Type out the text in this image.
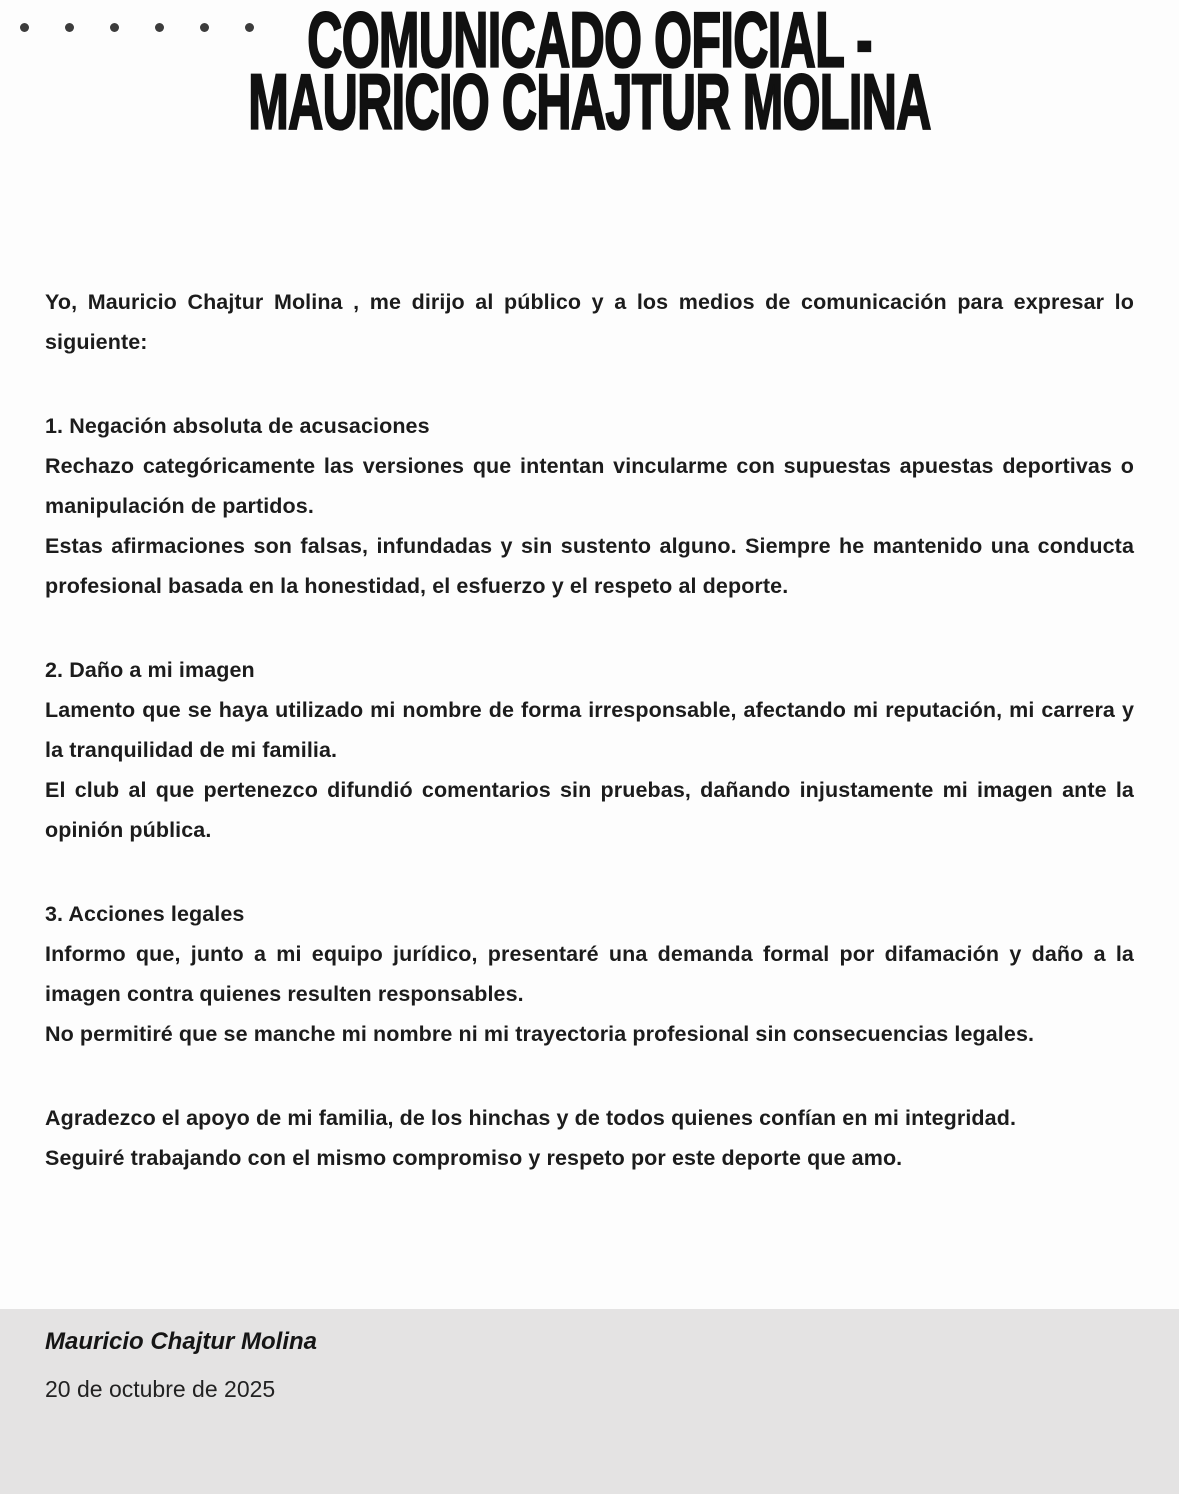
COMUNICADO OFICIAL -
MAURICIO CHAJTUR MOLINA

Yo, Mauricio Chajtur Molina , me dirijo al público y a los medios de comunicación para expresar lo siguiente:

1. Negación absoluta de acusaciones

Rechazo categóricamente las versiones que intentan vincularme con supuestas apuestas deportivas o manipulación de partidos.

Estas afirmaciones son falsas, infundadas y sin sustento alguno. Siempre he mantenido una conducta profesional basada en la honestidad, el esfuerzo y el respeto al deporte.

2. Daño a mi imagen

Lamento que se haya utilizado mi nombre de forma irresponsable, afectando mi reputación, mi carrera y la tranquilidad de mi familia.

El club al que pertenezco difundió comentarios sin pruebas, dañando injustamente mi imagen ante la opinión pública.

3. Acciones legales

Informo que, junto a mi equipo jurídico, presentaré una demanda formal por difamación y daño a la imagen contra quienes resulten responsables.

No permitiré que se manche mi nombre ni mi trayectoria profesional sin consecuencias legales.

Agradezco el apoyo de mi familia, de los hinchas y de todos quienes confían en mi integridad.

Seguiré trabajando con el mismo compromiso y respeto por este deporte que amo.

Mauricio Chajtur Molina
20 de octubre de 2025
